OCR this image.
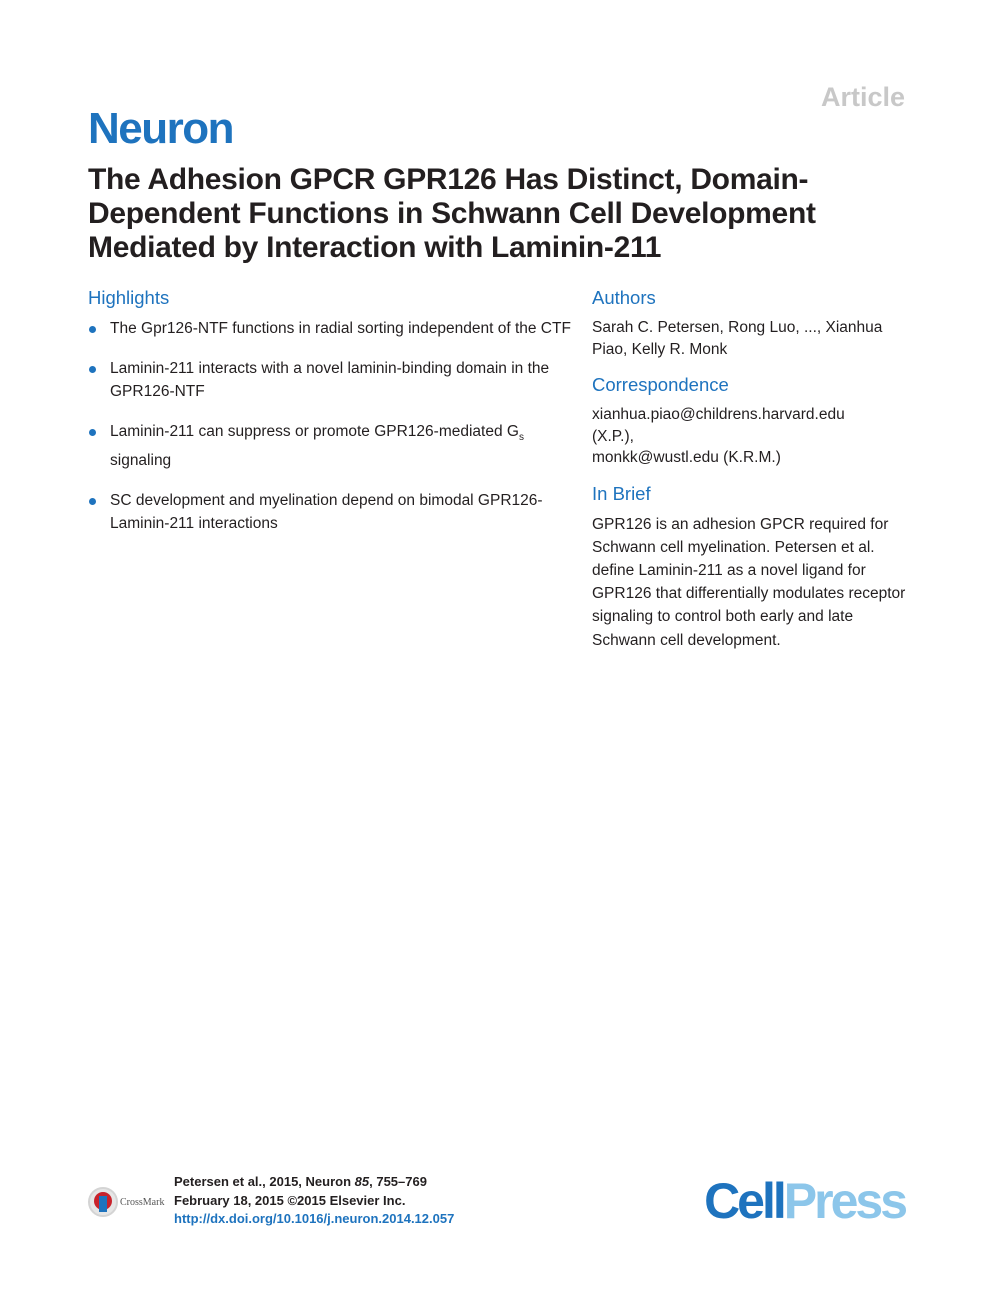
Article
Neuron
The Adhesion GPCR GPR126 Has Distinct, Domain-Dependent Functions in Schwann Cell Development Mediated by Interaction with Laminin-211
Highlights
The Gpr126-NTF functions in radial sorting independent of the CTF
Laminin-211 interacts with a novel laminin-binding domain in the GPR126-NTF
Laminin-211 can suppress or promote GPR126-mediated $G_s$ signaling
SC development and myelination depend on bimodal GPR126-Laminin-211 interactions
Authors
Sarah C. Petersen, Rong Luo, ..., Xianhua Piao, Kelly R. Monk
Correspondence
xianhua.piao@childrens.harvard.edu
(X.P.),
monkk@wustl.edu (K.R.M.)
In Brief
GPR126 is an adhesion GPCR required for Schwann cell myelination. Petersen et al. define Laminin-211 as a novel ligand for GPR126 that differentially modulates receptor signaling to control both early and late Schwann cell development.
CrossMark
Petersen et al., 2015, Neuron 85, 755–769
February 18, 2015 ©2015 Elsevier Inc.
http://dx.doi.org/10.1016/j.neuron.2014.12.057	CellPress
